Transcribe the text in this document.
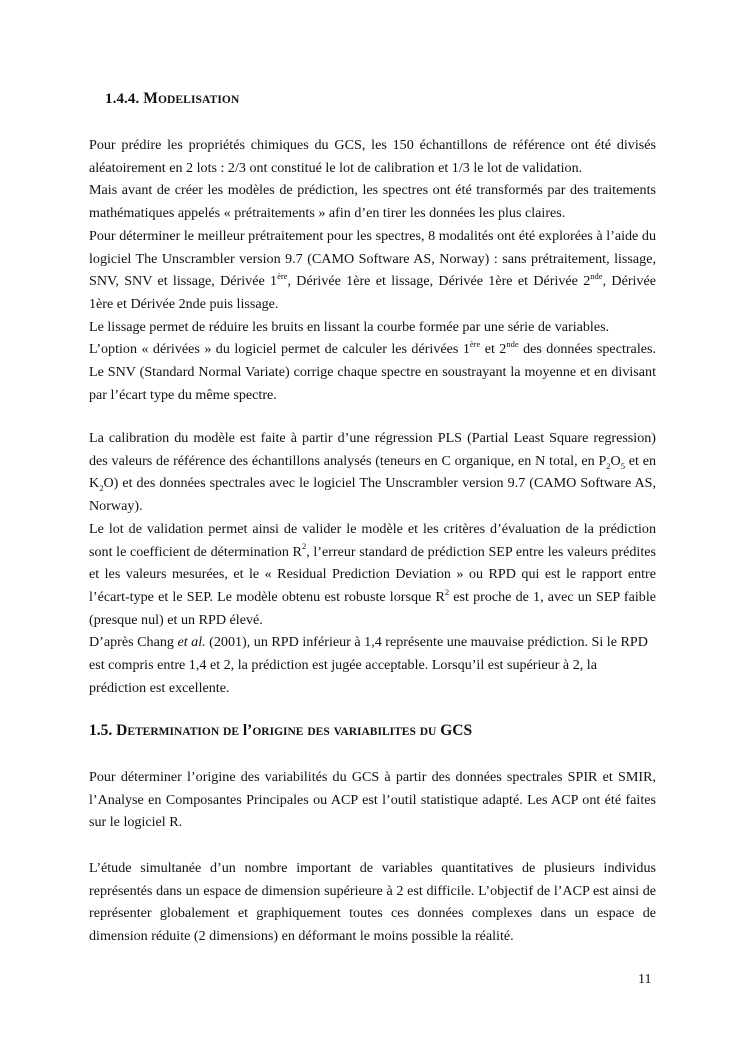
1.4.4. MODELISATION

Pour prédire les propriétés chimiques du GCS, les 150 échantillons de référence ont été divisés aléatoirement en 2 lots : 2/3 ont constitué le lot de calibration et 1/3 le lot de validation.

Mais avant de créer les modèles de prédiction, les spectres ont été transformés par des traitements mathématiques appelés « prétraitements » afin d’en tirer les données les plus claires.

Pour déterminer le meilleur prétraitement pour les spectres, 8 modalités ont été explorées à l’aide du logiciel The Unscrambler version 9.7 (CAMO Software AS, Norway) : sans prétraitement, lissage, SNV, SNV et lissage, Dérivée 1ère, Dérivée 1ère et lissage, Dérivée 1ère et Dérivée 2nde, Dérivée 1ère et Dérivée 2nde puis lissage.

Le lissage permet de réduire les bruits en lissant la courbe formée par une série de variables.

L’option « dérivées » du logiciel permet de calculer les dérivées 1ère et 2nde des données spectrales. Le SNV (Standard Normal Variate) corrige chaque spectre en soustrayant la moyenne et en divisant par l’écart type du même spectre.

La calibration du modèle est faite à partir d’une régression PLS (Partial Least Square regression) des valeurs de référence des échantillons analysés (teneurs en C organique, en N total, en $P_2O_5$ et en $K_2O$) et des données spectrales avec le logiciel The Unscrambler version 9.7 (CAMO Software AS, Norway).

Le lot de validation permet ainsi de valider le modèle et les critères d’évaluation de la prédiction sont le coefficient de détermination $R^2$, l’erreur standard de prédiction SEP entre les valeurs prédites et les valeurs mesurées, et le « Residual Prediction Deviation » ou RPD qui est le rapport entre l’écart-type et le SEP. Le modèle obtenu est robuste lorsque $R^2$ est proche de 1, avec un SEP faible (presque nul) et un RPD élevé.

D’après Chang et al. (2001), un RPD inférieur à 1,4 représente une mauvaise prédiction. Si le RPD est compris entre 1,4 et 2, la prédiction est jugée acceptable. Lorsqu’il est supérieur à 2, la prédiction est excellente.

1.5. DETERMINATION DE l’ORIGINE DES VARIABILITES DU GCS

Pour déterminer l’origine des variabilités du GCS à partir des données spectrales SPIR et SMIR, l’Analyse en Composantes Principales ou ACP est l’outil statistique adapté. Les ACP ont été faites sur le logiciel R.

L’étude simultanée d’un nombre important de variables quantitatives de plusieurs individus représentés dans un espace de dimension supérieure à 2 est difficile. L’objectif de l’ACP est ainsi de représenter globalement et graphiquement toutes ces données complexes dans un espace de dimension réduite (2 dimensions) en déformant le moins possible la réalité.

11
